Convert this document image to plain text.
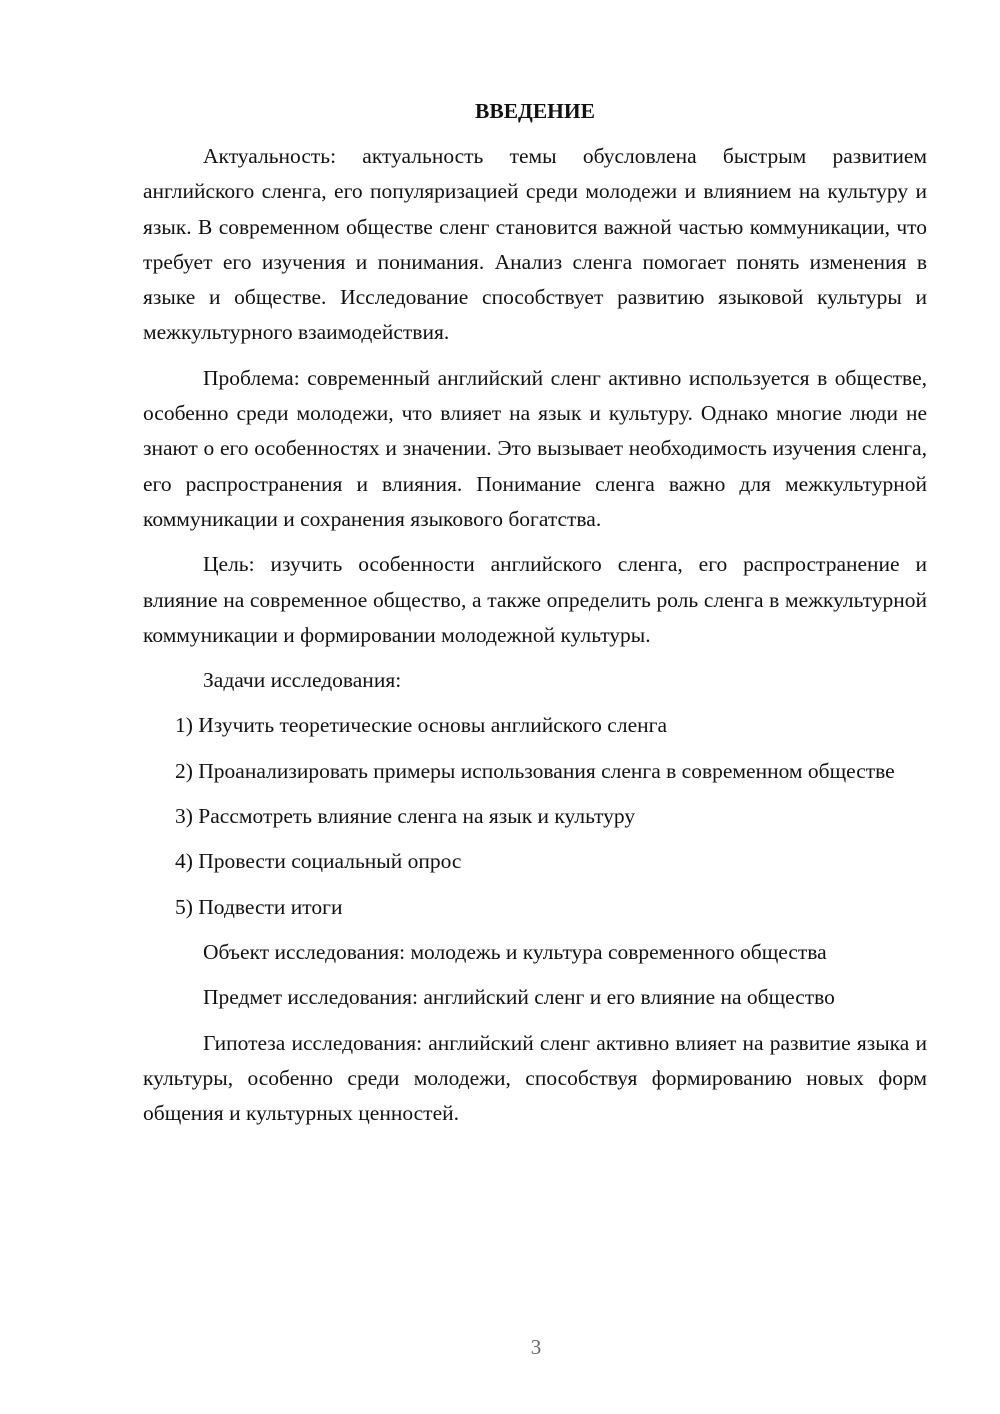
ВВЕДЕНИЕ

Актуальность: актуальность темы обусловлена быстрым развитием английского сленга, его популяризацией среди молодежи и влиянием на культуру и язык. В современном обществе сленг становится важной частью коммуникации, что требует его изучения и понимания. Анализ сленга помогает понять изменения в языке и обществе. Исследование способствует развитию языковой культуры и межкультурного взаимодействия.

Проблема: современный английский сленг активно используется в обществе, особенно среди молодежи, что влияет на язык и культуру. Однако многие люди не знают о его особенностях и значении. Это вызывает необходимость изучения сленга, его распространения и влияния. Понимание сленга важно для межкультурной коммуникации и сохранения языкового богатства.

Цель: изучить особенности английского сленга, его распространение и влияние на современное общество, а также определить роль сленга в межкультурной коммуникации и формировании молодежной культуры.

Задачи исследования:

1) Изучить теоретические основы английского сленга

2) Проанализировать примеры использования сленга в современном обществе

3) Рассмотреть влияние сленга на язык и культуру

4) Провести социальный опрос

5) Подвести итоги

Объект исследования: молодежь и культура современного общества

Предмет исследования: английский сленг и его влияние на общество

Гипотеза исследования: английский сленг активно влияет на развитие языка и культуры, особенно среди молодежи, способствуя формированию новых форм общения и культурных ценностей.

3
